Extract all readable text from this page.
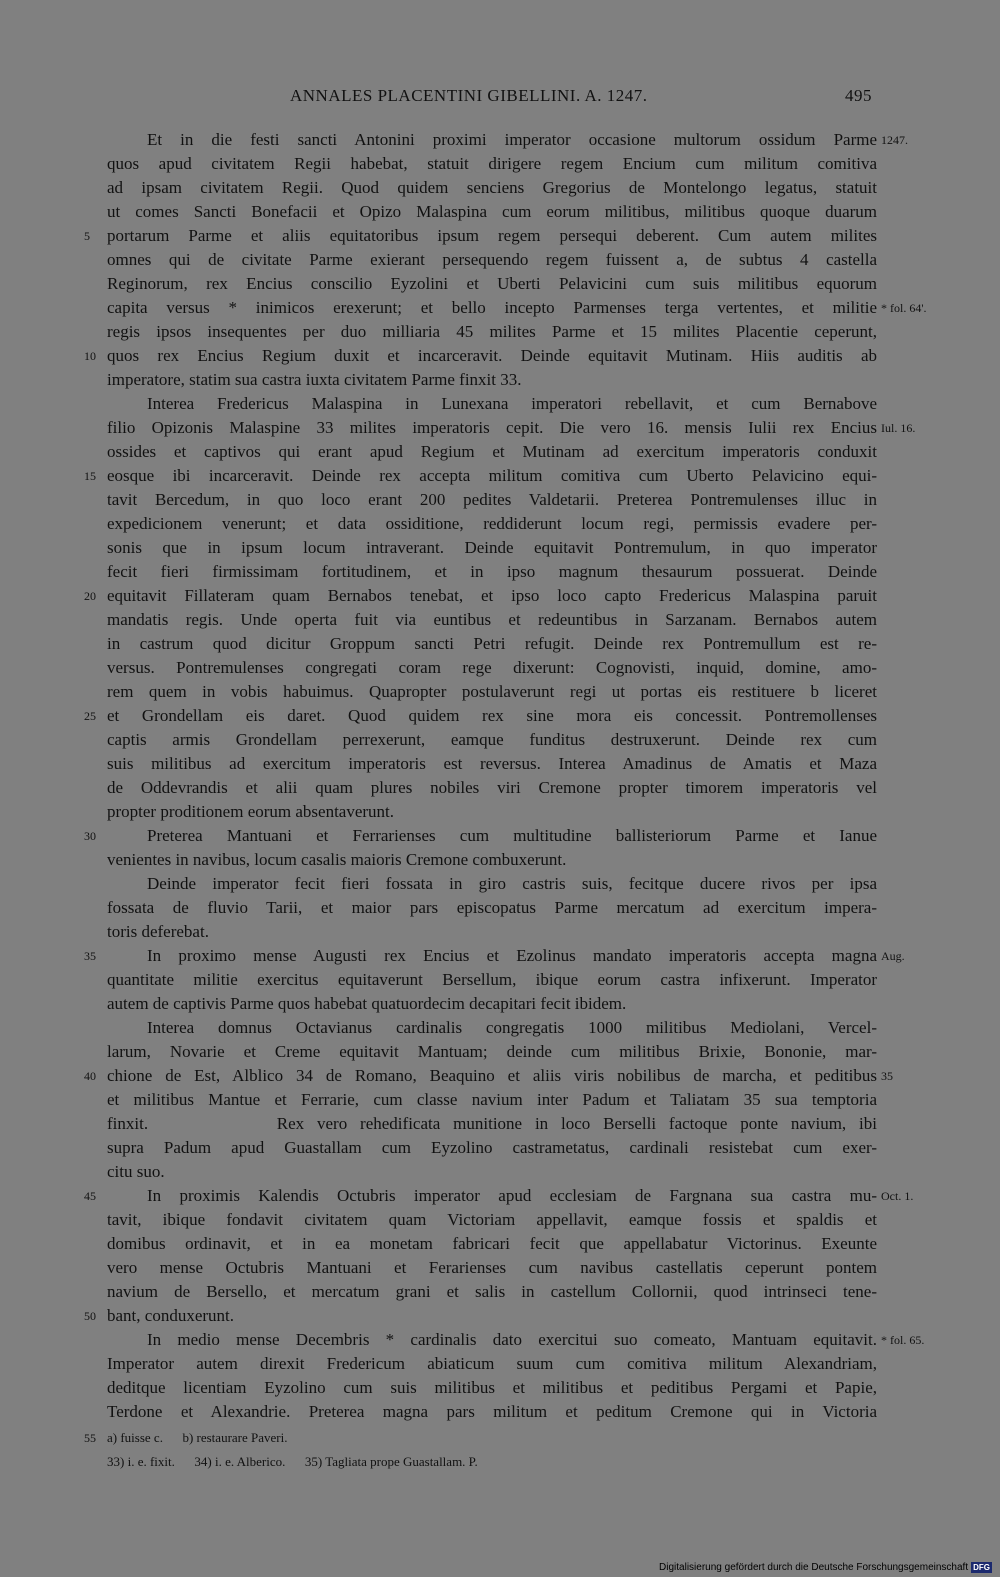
ANNALES PLACENTINI GIBELLINI. A. 1247.	495
Et in die festi sancti Antonini proximi imperator occasione multorum ossidum Parme
quos apud civitatem Regii habebat, statuit dirigere regem Encium cum militum comitiva
ad ipsam civitatem Regii. Quod quidem senciens Gregorius de Montelongo legatus, statuit
ut comes Sancti Bonefacii et Opizo Malaspina cum eorum militibus, militibus quoque duarum
portarum Parme et aliis equitatoribus ipsum regem persequi deberent. Cum autem milites
omnes qui de civitate Parme exierant persequendo regem fuissent a, de subtus 4 castella
Reginorum, rex Encius conscilio Eyzolini et Uberti Pelavicini cum suis militibus equorum
capita versus * inimicos erexerunt; et bello incepto Parmenses terga vertentes, et militie
regis ipsos insequentes per duo milliaria 45 milites Parme et 15 milites Placentie ceperunt,
quos rex Encius Regium duxit et incarceravit. Deinde equitavit Mutinam. Hiis auditis ab
imperatore, statim sua castra iuxta civitatem Parme finxit 33.
Interea Fredericus Malaspina in Lunexana imperatori rebellavit, et cum Bernabove
filio Opizonis Malaspine 33 milites imperatoris cepit. Die vero 16. mensis Iulii rex Encius
ossides et captivos qui erant apud Regium et Mutinam ad exercitum imperatoris conduxit
eosque ibi incarceravit. Deinde rex accepta militum comitiva cum Uberto Pelavicino equi-
tavit Bercedum, in quo loco erant 200 pedites Valdetarii. Preterea Pontremulenses illuc in
expedicionem venerunt; et data ossiditione, reddiderunt locum regi, permissis evadere per-
sonis que in ipsum locum intraverant. Deinde equitavit Pontremulum, in quo imperator
fecit fieri firmissimam fortitudinem, et in ipso magnum thesaurum possuerat. Deinde
equitavit Fillateram quam Bernabos tenebat, et ipso loco capto Fredericus Malaspina paruit
mandatis regis. Unde operta fuit via euntibus et redeuntibus in Sarzanam. Bernabos autem
in castrum quod dicitur Groppum sancti Petri refugit. Deinde rex Pontremullum est re-
versus. Pontremulenses congregati coram rege dixerunt: Cognovisti, inquid, domine, amo-
rem quem in vobis habuimus. Quapropter postulaverunt regi ut portas eis restituere b liceret
et Grondellam eis daret. Quod quidem rex sine mora eis concessit. Pontremollenses
captis armis Grondellam perrexerunt, eamque funditus destruxerunt. Deinde rex cum
suis militibus ad exercitum imperatoris est reversus. Interea Amadinus de Amatis et Maza
de Oddevrandis et alii quam plures nobiles viri Cremone propter timorem imperatoris vel
propter proditionem eorum absentaverunt.
Preterea Mantuani et Ferrarienses cum multitudine ballisteriorum Parme et Ianue
venientes in navibus, locum casalis maioris Cremone combuxerunt.
Deinde imperator fecit fieri fossata in giro castris suis, fecitque ducere rivos per ipsa
fossata de fluvio Tarii, et maior pars episcopatus Parme mercatum ad exercitum impera-
toris deferebat.
In proximo mense Augusti rex Encius et Ezolinus mandato imperatoris accepta magna
quantitate militie exercitus equitaverunt Bersellum, ibique eorum castra infixerunt. Imperator
autem de captivis Parme quos habebat quatuordecim decapitari fecit ibidem.
Interea domnus Octavianus cardinalis congregatis 1000 militibus Mediolani, Vercel-
larum, Novarie et Creme equitavit Mantuam; deinde cum militibus Brixie, Bononie, mar-
chione de Est, Alblico 34 de Romano, Beaquino et aliis viris nobilibus de marcha, et peditibus
et militibus Mantue et Ferrarie, cum classe navium inter Padum et Taliatam 35 sua temptoria
finxit.          Rex vero rehedificata munitione in loco Berselli factoque ponte navium, ibi
supra Padum apud Guastallam cum Eyzolino castrametatus, cardinali resistebat cum exer-
citu suo.
In proximis Kalendis Octubris imperator apud ecclesiam de Fargnana sua castra mu-
tavit, ibique fondavit civitatem quam Victoriam appellavit, eamque fossis et spaldis et
domibus ordinavit, et in ea monetam fabricari fecit que appellabatur Victorinus. Exeunte
vero mense Octubris Mantuani et Ferarienses cum navibus castellatis ceperunt pontem
navium de Bersello, et mercatum grani et salis in castellum Collornii, quod intrinseci tene-
bant, conduxerunt.
In medio mense Decembris * cardinalis dato exercitui suo comeato, Mantuam equitavit.
Imperator autem direxit Fredericum abiaticum suum cum comitiva militum Alexandriam,
deditque licentiam Eyzolino cum suis militibus et militibus et peditibus Pergami et Papie,
Terdone et Alexandrie. Preterea magna pars militum et peditum Cremone qui in Victoria
5
10
15
20
25
30
35
40
45
50
55
1247.
* fol. 64'.
Iul. 16.
Aug.
35
Oct. 1.
* fol. 65.
a) fuisse c.      b) restaurare Paveri.
33) i. e. fixit.      34) i. e. Alberico.      35) Tagliata prope Guastallam. P.
Digitalisierung gefördert durch die Deutsche Forschungsgemeinschaft DFG
